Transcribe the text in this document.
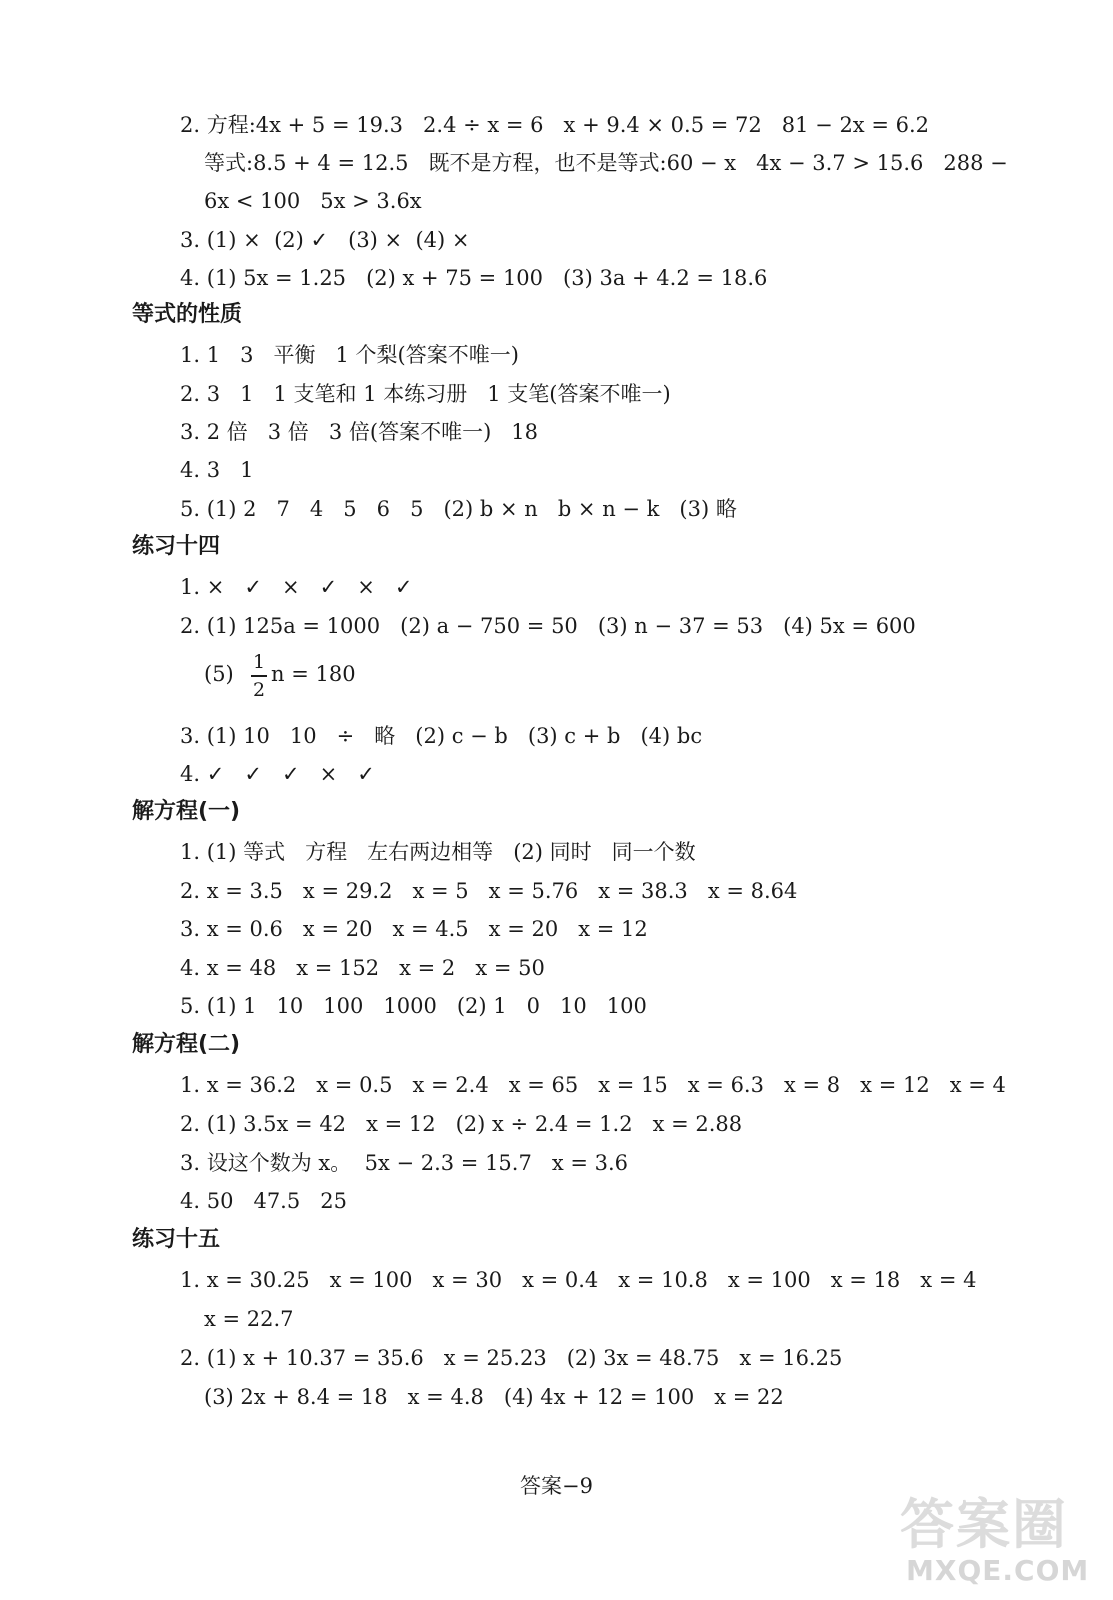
2. 方程:4x + 5 = 19.3   2.4 ÷ x = 6   x + 9.4 × 0.5 = 72   81 − 2x = 6.2
等式:8.5 + 4 = 12.5   既不是方程，也不是等式:60 − x   4x − 3.7 > 15.6   288 −
6x < 100   5x > 3.6x
3. (1) ×  (2) ✓   (3) ×  (4) ×
4. (1) 5x = 1.25   (2) x + 75 = 100   (3) 3a + 4.2 = 18.6
1. 1   3   平衡   1 个梨(答案不唯一)
2. 3   1   1 支笔和 1 本练习册   1 支笔(答案不唯一)
3. 2 倍   3 倍   3 倍(答案不唯一)   18
4. 3   1
5. (1) 2   7   4   5   6   5   (2) b × n   b × n − k   (3) 略
1. ×   ✓   ×   ✓   ×   ✓
2. (1) 125a = 1000   (2) a − 750 = 50   (3) n − 37 = 53   (4) 5x = 600
3. (1) 10   10   ÷   略   (2) c − b   (3) c + b   (4) bc
4. ✓   ✓   ✓   ×   ✓
1. (1) 等式   方程   左右两边相等   (2) 同时   同一个数
2. x = 3.5   x = 29.2   x = 5   x = 5.76   x = 38.3   x = 8.64
3. x = 0.6   x = 20   x = 4.5   x = 20   x = 12
4. x = 48   x = 152   x = 2   x = 50
5. (1) 1   10   100   1000   (2) 1   0   10   100
1. x = 36.2   x = 0.5   x = 2.4   x = 65   x = 15   x = 6.3   x = 8   x = 12   x = 4
2. (1) 3.5x = 42   x = 12   (2) x ÷ 2.4 = 1.2   x = 2.88
3. 设这个数为 x。  5x − 2.3 = 15.7   x = 3.6
4. 50   47.5   25
1. x = 30.25   x = 100   x = 30   x = 0.4   x = 10.8   x = 100   x = 18   x = 4
x = 22.7
2. (1) x + 10.37 = 35.6   x = 25.23   (2) 3x = 48.75   x = 16.25
(3) 2x + 8.4 = 18   x = 4.8   (4) 4x + 12 = 100   x = 22
等式的性质
练习十四
解方程(一)
解方程(二)
练习十五
(5) 1
2
n = 180
答案−9
答案圈
MXQE.COM
